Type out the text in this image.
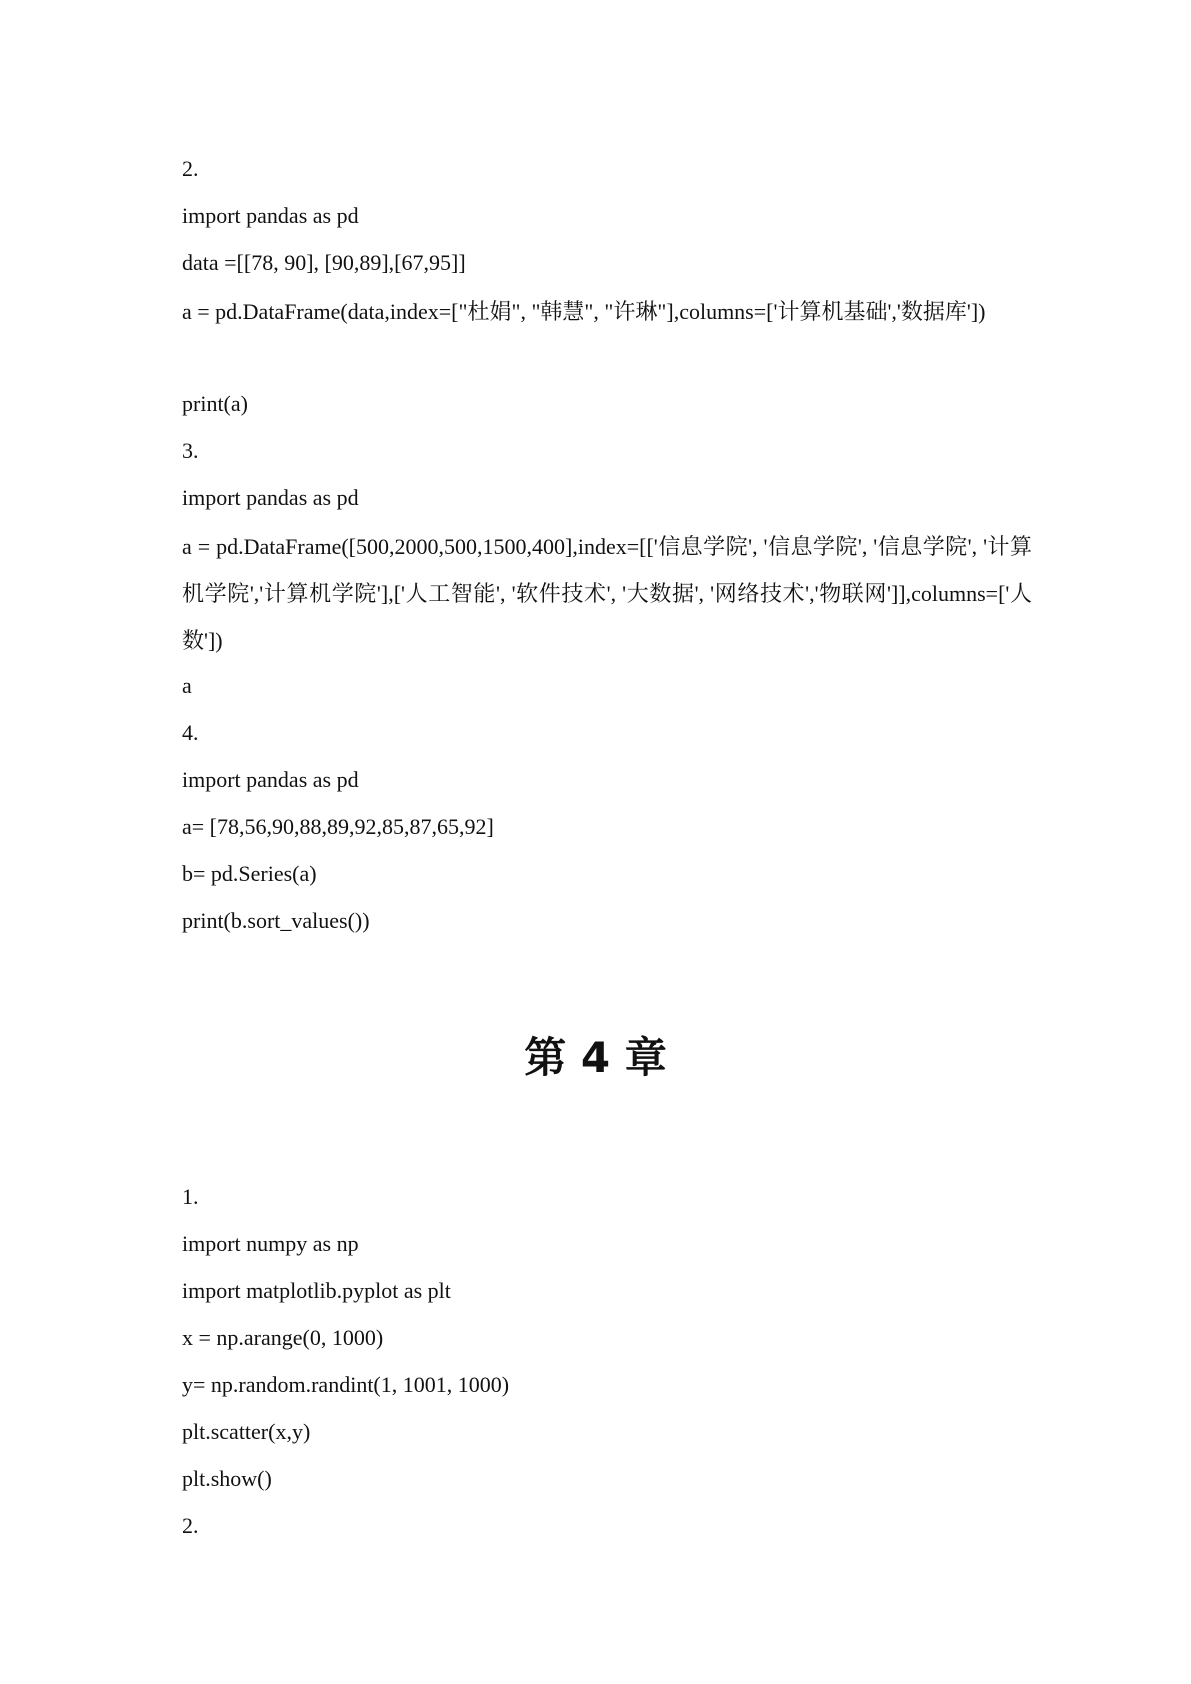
2.
import pandas as pd
data =[[78, 90], [90,89],[67,95]]
a = pd.DataFrame(data,index=["杜娟", "韩慧", "许琳"],columns=['计算机基础','数据库'])
print(a)
3.
import pandas as pd
a = pd.DataFrame([500,2000,500,1500,400],index=[['信息学院', '信息学院', '信息学院', '计算机学院','计算机学院'],['人工智能', '软件技术', '大数据', '网络技术','物联网']],columns=['人数'])
a
4.
import pandas as pd
a= [78,56,90,88,89,92,85,87,65,92]
b= pd.Series(a)
print(b.sort_values())
第 4 章
1.
import numpy as np
import matplotlib.pyplot as plt
x = np.arange(0, 1000)
y= np.random.randint(1, 1001, 1000)
plt.scatter(x,y)
plt.show()
2.
